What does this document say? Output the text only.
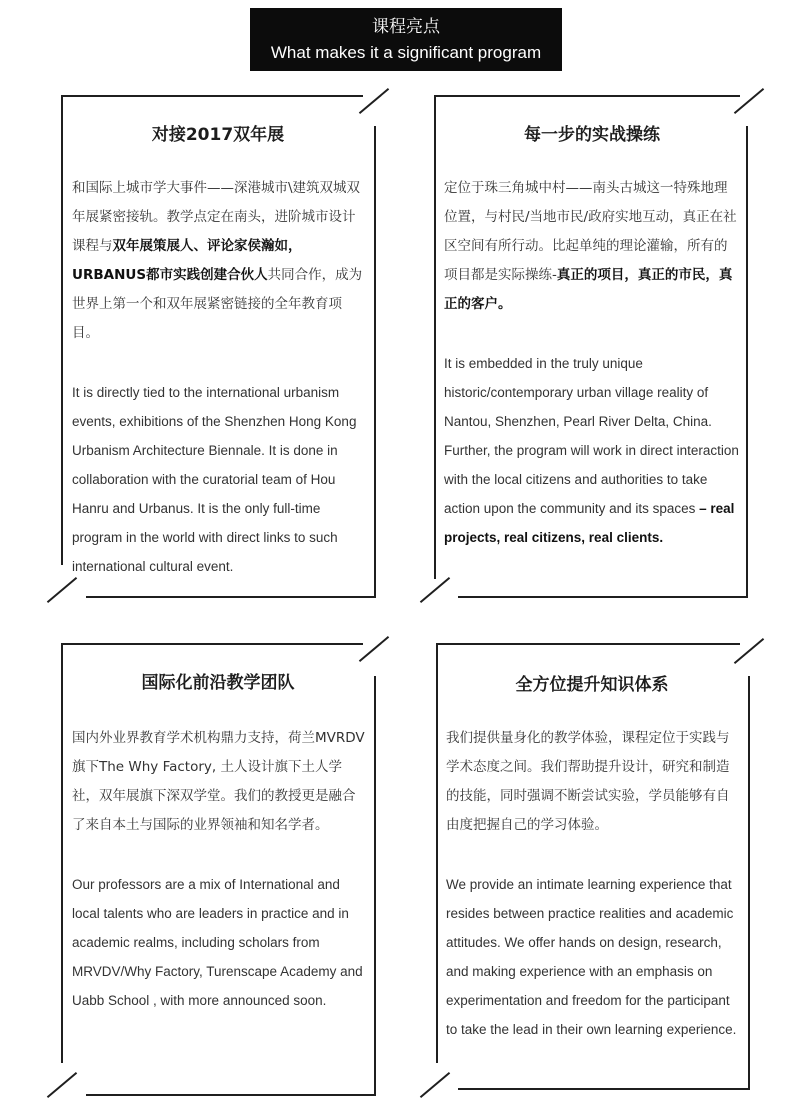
课程亮点
What makes it a significant program
对接2017双年展

和国际上城市学大事件——深港城市\建筑双城双年展紧密接轨。教学点定在南头，进阶城市设计课程与双年展策展人、评论家侯瀚如，URBANUS都市实践创建合伙人共同合作，成为世界上第一个和双年展紧密链接的全年教育项目。

It is directly tied to the international urbanism events, exhibitions of the Shenzhen Hong Kong Urbanism Architecture Biennale. It is done in collaboration with the curatorial team of Hou Hanru and Urbanus. It is the only full-time program in the world with direct links to such international cultural event.

每一步的实战操练

定位于珠三角城中村——南头古城这一特殊地理位置，与村民/当地市民/政府实地互动，真正在社区空间有所行动。比起单纯的理论灌输，所有的项目都是实际操练-真正的项目，真正的市民，真正的客户。

It is embedded in the truly unique historic/contemporary urban village reality of Nantou, Shenzhen, Pearl River Delta, China. Further, the program will work in direct interaction with the local citizens and authorities to take action upon the community and its spaces – real projects, real citizens, real clients.

国际化前沿教学团队

国内外业界教育学术机构鼎力支持，荷兰MVRDV旗下The Why Factory, 土人设计旗下土人学社，双年展旗下深双学堂。我们的教授更是融合了来自本土与国际的业界领袖和知名学者。

Our professors are a mix of International and local talents who are leaders in practice and in academic realms, including scholars from MRVDV/Why Factory, Turenscape Academy and Uabb School , with more announced soon.

全方位提升知识体系

我们提供量身化的教学体验，课程定位于实践与学术态度之间。我们帮助提升设计，研究和制造的技能，同时强调不断尝试实验，学员能够有自由度把握自己的学习体验。

We provide an intimate learning experience that resides between practice realities and academic attitudes. We offer hands on design, research, and making experience with an emphasis on experimentation and freedom for the participant to take the lead in their own learning experience.
